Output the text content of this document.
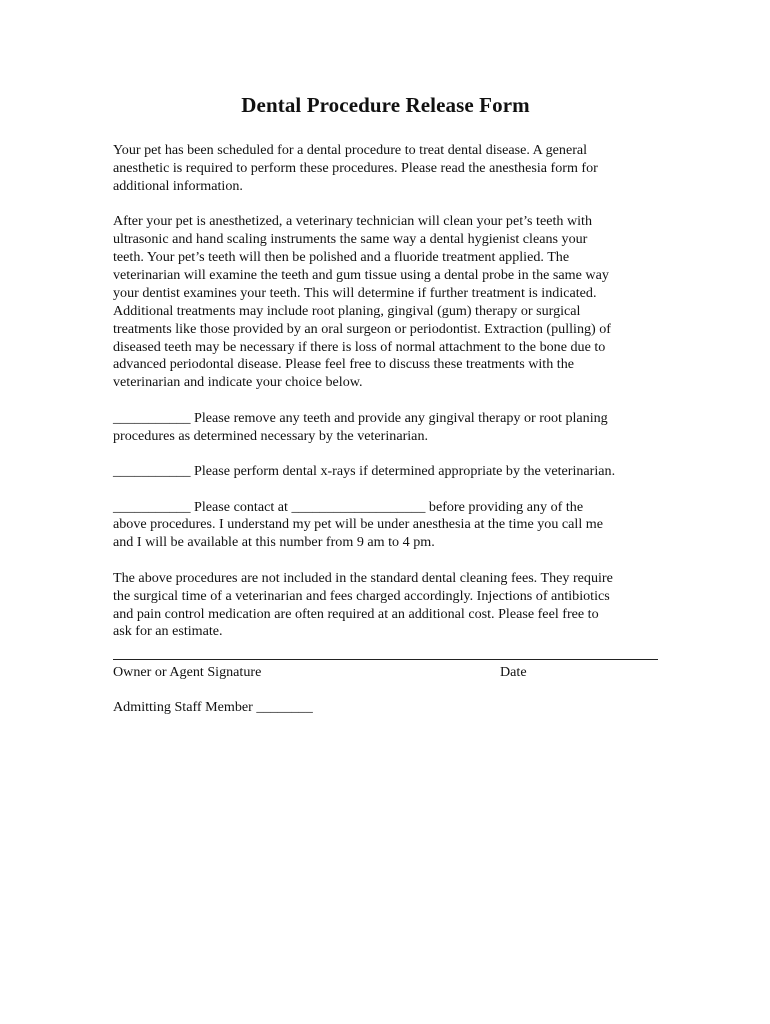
Dental Procedure Release Form
Your pet has been scheduled for a dental procedure to treat dental disease. A general
anesthetic is required to perform these procedures. Please read the anesthesia form for
additional information.
After your pet is anesthetized, a veterinary technician will clean your pet’s teeth with
ultrasonic and hand scaling instruments the same way a dental hygienist cleans your
teeth. Your pet’s teeth will then be polished and a fluoride treatment applied. The
veterinarian will examine the teeth and gum tissue using a dental probe in the same way
your dentist examines your teeth. This will determine if further treatment is indicated.
Additional treatments may include root planing, gingival (gum) therapy or surgical
treatments like those provided by an oral surgeon or periodontist. Extraction (pulling) of
diseased teeth may be necessary if there is loss of normal attachment to the bone due to
advanced periodontal disease. Please feel free to discuss these treatments with the
veterinarian and indicate your choice below.
___________ Please remove any teeth and provide any gingival therapy or root planing
procedures as determined necessary by the veterinarian.
___________ Please perform dental x-rays if determined appropriate by the veterinarian.
___________ Please contact at ___________________ before providing any of the
above procedures. I understand my pet will be under anesthesia at the time you call me
and I will be available at this number from 9 am to 4 pm.
The above procedures are not included in the standard dental cleaning fees. They require
the surgical time of a veterinarian and fees charged accordingly. Injections of antibiotics
and pain control medication are often required at an additional cost. Please feel free to
ask for an estimate.
Owner or Agent Signature	Date
Admitting Staff Member ________
